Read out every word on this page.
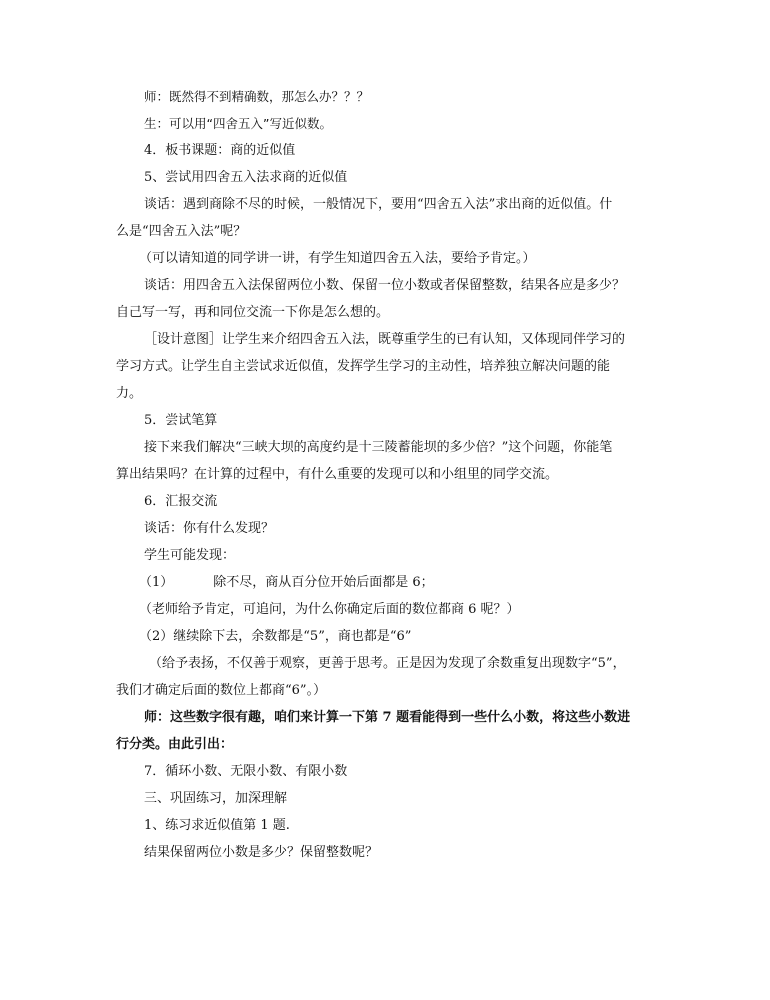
师：既然得不到精确数，那怎么办？？？
生：可以用“四舍五入”写近似数。
4．板书课题：商的近似值
5、尝试用四舍五入法求商的近似值
谈话：遇到商除不尽的时候，一般情况下，要用“四舍五入法”求出商的近似值。什
么是“四舍五入法”呢？
（可以请知道的同学讲一讲，有学生知道四舍五入法，要给予肯定。）
谈话：用四舍五入法保留两位小数、保留一位小数或者保留整数，结果各应是多少？
自己写一写，再和同位交流一下你是怎么想的。
［设计意图］让学生来介绍四舍五入法，既尊重学生的已有认知，又体现同伴学习的
学习方式。让学生自主尝试求近似值，发挥学生学习的主动性，培养独立解决问题的能
力。
5．尝试笔算
接下来我们解决“三峡大坝的高度约是十三陵蓄能坝的多少倍？”这个问题，你能笔
算出结果吗？在计算的过程中，有什么重要的发现可以和小组里的同学交流。
6．汇报交流
谈话：你有什么发现？
学生可能发现：
（1）	除不尽，商从百分位开始后面都是 6；
（老师给予肯定，可追问，为什么你确定后面的数位都商 6 呢？）
（2）继续除下去，余数都是“5”，商也都是“6”
（给予表扬，不仅善于观察，更善于思考。正是因为发现了余数重复出现数字“5”，
我们才确定后面的数位上都商“6”。）
师：这些数字很有趣，咱们来计算一下第 7 题看能得到一些什么小数，将这些小数进
行分类。由此引出：
7．循环小数、无限小数、有限小数
三、巩固练习，加深理解
1、练习求近似值第 1 题.
结果保留两位小数是多少？保留整数呢？
